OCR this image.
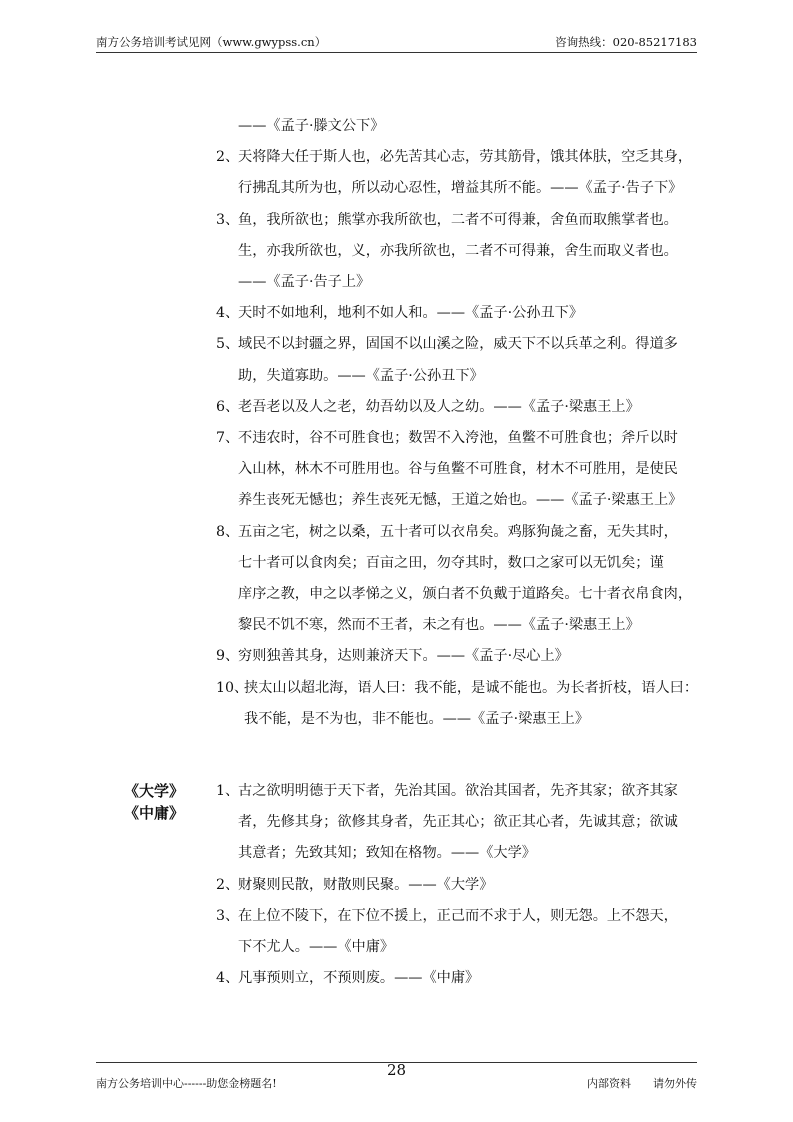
南方公务培训考试见网（www.gwypss.cn）	咨询热线：020-85217183
——《孟子·滕文公下》
2、
天将降大任于斯人也，必先苦其心志，劳其筋骨，饿其体肤，空乏其身，
行拂乱其所为也，所以动心忍性，增益其所不能。——《孟子·告子下》
3、
鱼，我所欲也；熊掌亦我所欲也，二者不可得兼，舍鱼而取熊掌者也。
生，亦我所欲也，义，亦我所欲也，二者不可得兼，舍生而取义者也。
——《孟子·告子上》
4、
天时不如地利，地利不如人和。——《孟子·公孙丑下》
5、
域民不以封疆之界，固国不以山溪之险，威天下不以兵革之利。得道多
助，失道寡助。——《孟子·公孙丑下》
6、
老吾老以及人之老，幼吾幼以及人之幼。——《孟子·梁惠王上》
7、
不违农时，谷不可胜食也；数罟不入洿池，鱼鳖不可胜食也；斧斤以时
入山林，林木不可胜用也。谷与鱼鳖不可胜食，材木不可胜用，是使民
养生丧死无憾也；养生丧死无憾，王道之始也。——《孟子·梁惠王上》
8、
五亩之宅，树之以桑，五十者可以衣帛矣。鸡豚狗彘之畜，无失其时，
七十者可以食肉矣；百亩之田，勿夺其时，数口之家可以无饥矣；谨
庠序之教，申之以孝悌之义，颁白者不负戴于道路矣。七十者衣帛食肉，
黎民不饥不寒，然而不王者，未之有也。——《孟子·梁惠王上》
9、
穷则独善其身，达则兼济天下。——《孟子·尽心上》
10、
挟太山以超北海，语人曰：我不能，是诚不能也。为长者折枝，语人曰：
我不能，是不为也，非不能也。——《孟子·梁惠王上》
《大学》
《中庸》
1、
古之欲明明德于天下者，先治其国。欲治其国者，先齐其家；欲齐其家
者，先修其身；欲修其身者，先正其心；欲正其心者，先诚其意；欲诚
其意者；先致其知；致知在格物。——《大学》
2、
财聚则民散，财散则民聚。——《大学》
3、
在上位不陵下，在下位不援上，正己而不求于人，则无怨。上不怨天，
下不尤人。——《中庸》
4、
凡事预则立，不预则废。——《中庸》
南方公务培训中心------助您金榜题名!
28
内部资料　　请勿外传
